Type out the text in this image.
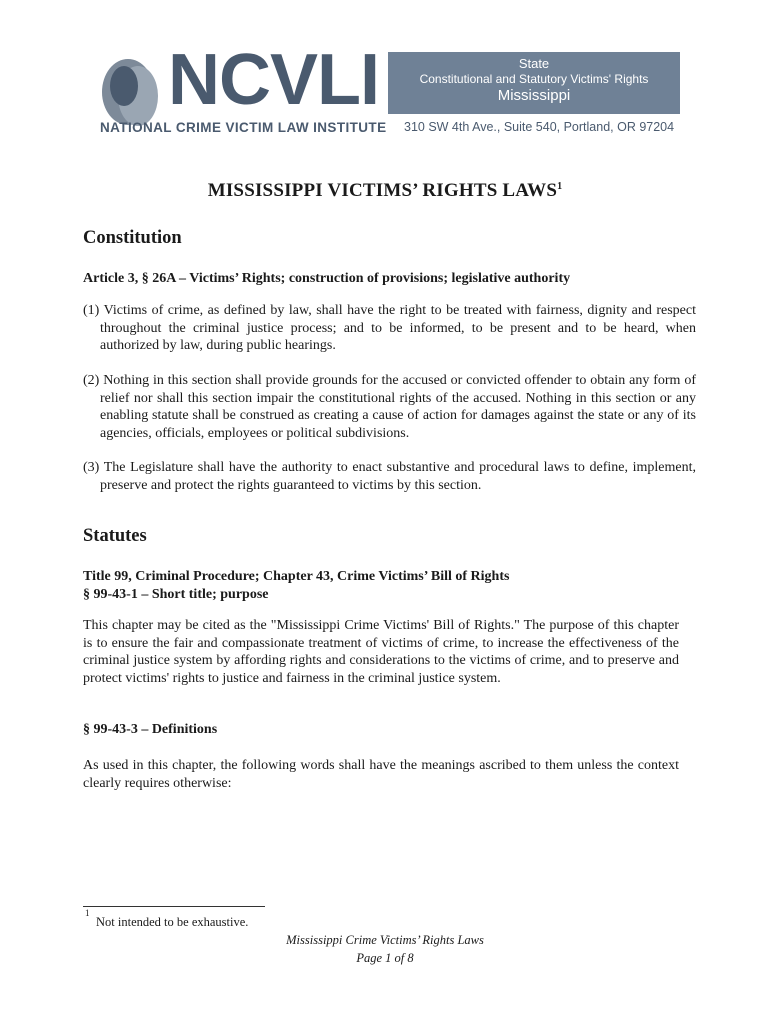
NCVLI
NATIONAL CRIME VICTIM LAW INSTITUTE
State
Constitutional and Statutory Victims' Rights
Mississippi
310 SW 4th Ave., Suite 540, Portland, OR 97204
MISSISSIPPI VICTIMS’ RIGHTS LAWS$^1$
Constitution
Article 3, § 26A – Victims’ Rights; construction of provisions; legislative authority
(1) Victims of crime, as defined by law, shall have the right to be treated with fairness, dignity and respect throughout the criminal justice process; and to be informed, to be present and to be heard, when authorized by law, during public hearings.
(2) Nothing in this section shall provide grounds for the accused or convicted offender to obtain any form of relief nor shall this section impair the constitutional rights of the accused. Nothing in this section or any enabling statute shall be construed as creating a cause of action for damages against the state or any of its agencies, officials, employees or political subdivisions.
(3) The Legislature shall have the authority to enact substantive and procedural laws to define, implement, preserve and protect the rights guaranteed to victims by this section.
Statutes
Title 99, Criminal Procedure; Chapter 43, Crime Victims’ Bill of Rights
§ 99-43-1 – Short title; purpose
This chapter may be cited as the "Mississippi Crime Victims' Bill of Rights." The purpose of this chapter is to ensure the fair and compassionate treatment of victims of crime, to increase the effectiveness of the criminal justice system by affording rights and considerations to the victims of crime, and to preserve and protect victims' rights to justice and fairness in the criminal justice system.
§ 99-43-3 – Definitions
As used in this chapter, the following words shall have the meanings ascribed to them unless the context clearly requires otherwise:
1
Not intended to be exhaustive.
Mississippi Crime Victims’ Rights Laws
Page 1 of 8
